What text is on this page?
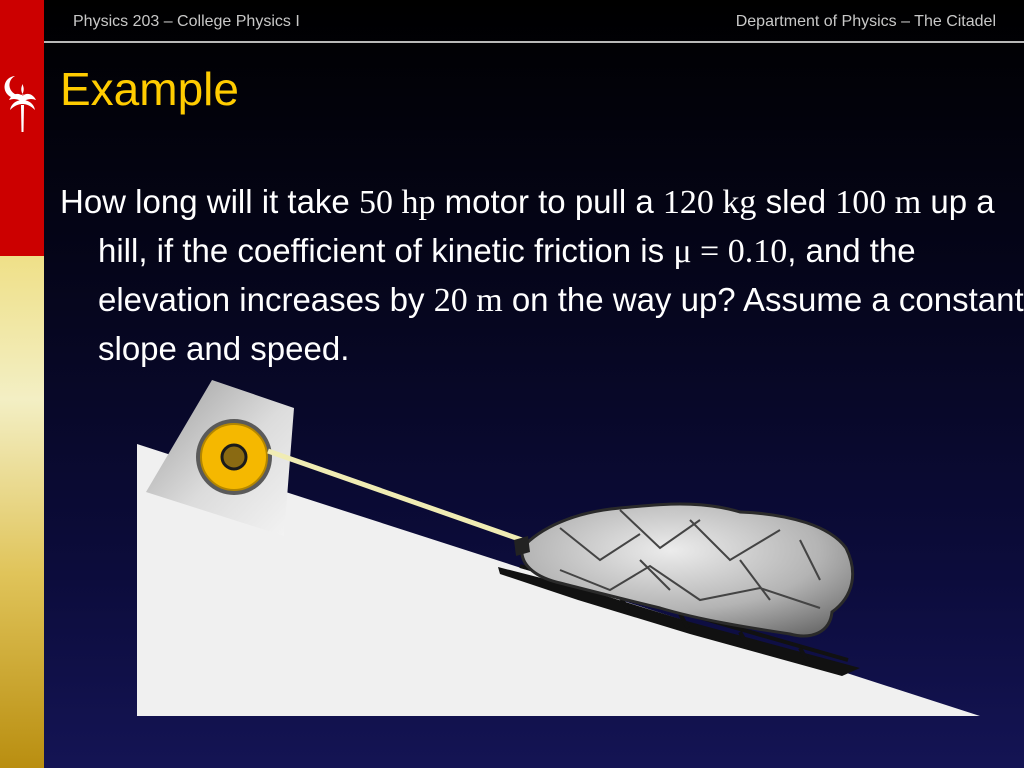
Physics 203 – College Physics I	Department of Physics – The Citadel
Example

How long will it take 50 hp motor to pull a 120 kg sled 100 m up a hill, if the coefficient of kinetic friction is μ = 0.10, and the elevation increases by 20 m on the way up? Assume a constant slope and speed.
